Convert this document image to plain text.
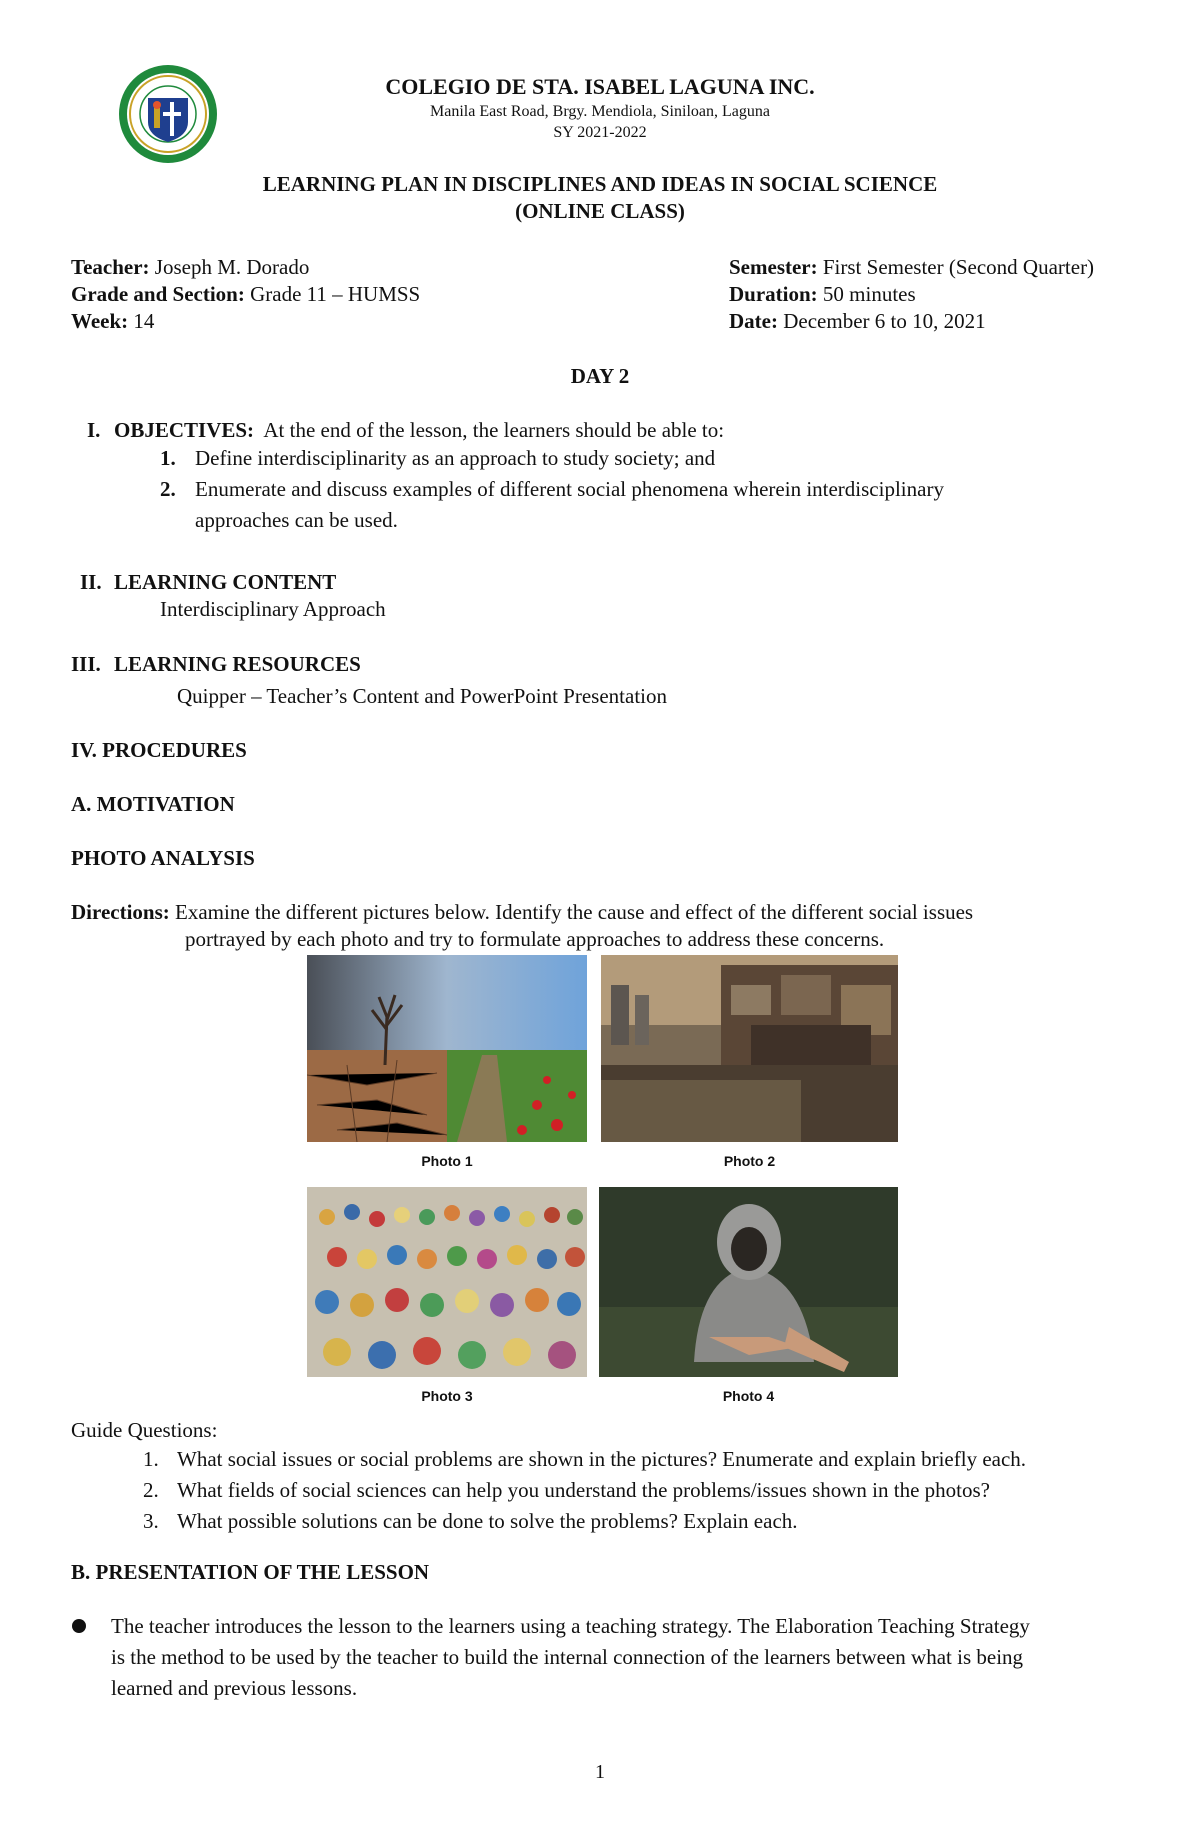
COLEGIO DE STA. ISABEL LAGUNA INC.
Manila East Road, Brgy. Mendiola, Siniloan, Laguna
SY 2021-2022
LEARNING PLAN IN DISCIPLINES AND IDEAS IN SOCIAL SCIENCE
(ONLINE CLASS)
Teacher: Joseph M. Dorado
Grade and Section: Grade 11 – HUMSS
Week: 14
Semester: First Semester (Second Quarter)
Duration: 50 minutes
Date: December 6 to 10, 2021
DAY 2
I. OBJECTIVES: At the end of the lesson, the learners should be able to:
1. Define interdisciplinarity as an approach to study society; and
2. Enumerate and discuss examples of different social phenomena wherein interdisciplinary
approaches can be used.
II. LEARNING CONTENT
Interdisciplinary Approach
III. LEARNING RESOURCES
Quipper – Teacher’s Content and PowerPoint Presentation
IV. PROCEDURES
A. MOTIVATION
PHOTO ANALYSIS
Directions: Examine the different pictures below. Identify the cause and effect of the different social issues
portrayed by each photo and try to formulate approaches to address these concerns.
Photo 1	Photo 2
Photo 3	Photo 4
Guide Questions:
1. What social issues or social problems are shown in the pictures? Enumerate and explain briefly each.
2. What fields of social sciences can help you understand the problems/issues shown in the photos?
3. What possible solutions can be done to solve the problems? Explain each.
B. PRESENTATION OF THE LESSON
The teacher introduces the lesson to the learners using a teaching strategy. The Elaboration Teaching Strategy
is the method to be used by the teacher to build the internal connection of the learners between what is being
learned and previous lessons.
1
